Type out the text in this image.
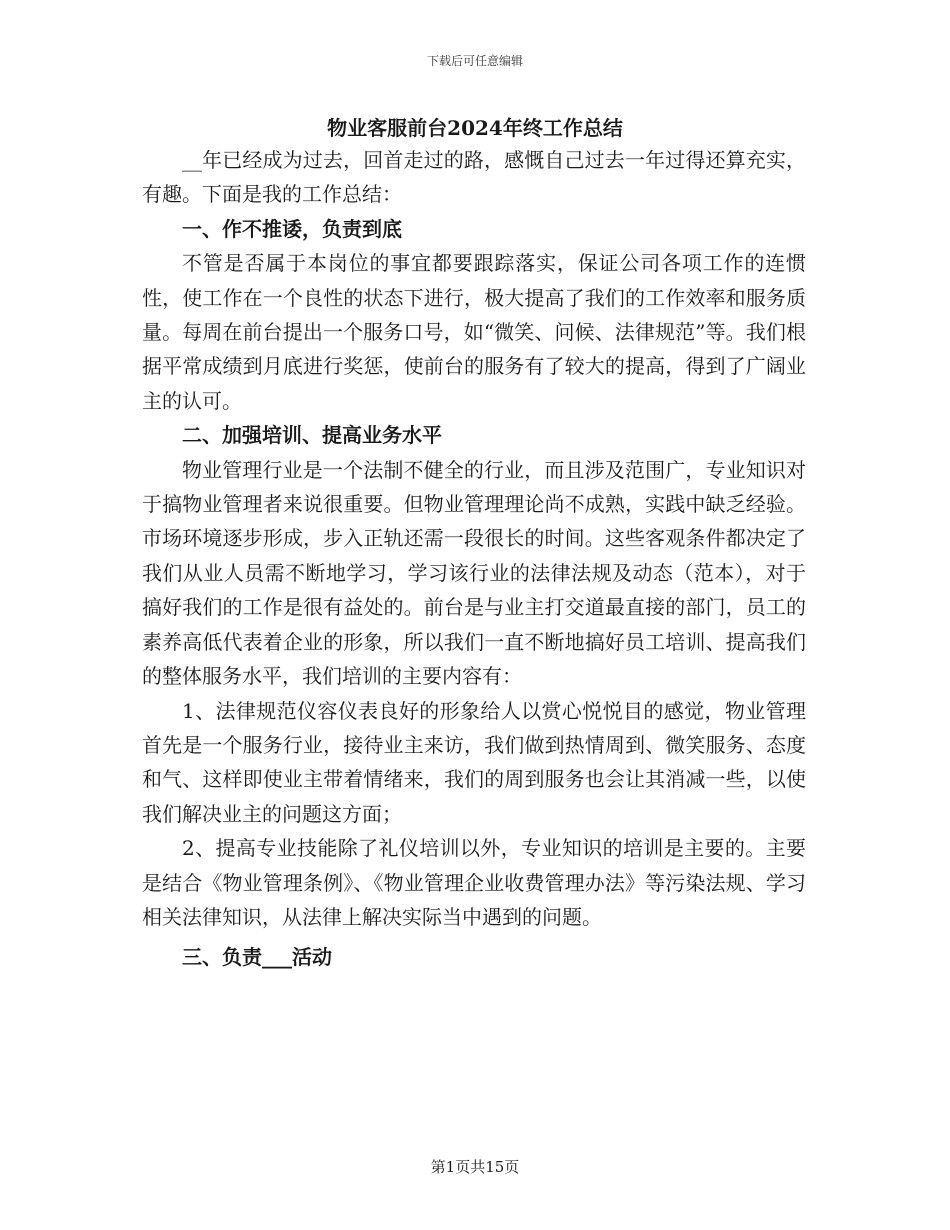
下载后可任意编辑
物业客服前台2024年终工作总结

__年已经成为过去，回首走过的路，感慨自己过去一年过得还算充实，有趣。下面是我的工作总结：

一、作不推诿，负责到底

不管是否属于本岗位的事宜都要跟踪落实，保证公司各项工作的连惯性，使工作在一个良性的状态下进行，极大提高了我们的工作效率和服务质量。每周在前台提出一个服务口号，如“微笑、问候、法律规范”等。我们根据平常成绩到月底进行奖惩，使前台的服务有了较大的提高，得到了广阔业主的认可。

二、加强培训、提高业务水平

物业管理行业是一个法制不健全的行业，而且涉及范围广，专业知识对于搞物业管理者来说很重要。但物业管理理论尚不成熟，实践中缺乏经验。市场环境逐步形成，步入正轨还需一段很长的时间。这些客观条件都决定了我们从业人员需不断地学习，学习该行业的法律法规及动态（范本），对于搞好我们的工作是很有益处的。前台是与业主打交道最直接的部门，员工的素养高低代表着企业的形象，所以我们一直不断地搞好员工培训、提高我们的整体服务水平，我们培训的主要内容有：

1、法律规范仪容仪表良好的形象给人以赏心悦悦目的感觉，物业管理首先是一个服务行业，接待业主来访，我们做到热情周到、微笑服务、态度和气、这样即使业主带着情绪来，我们的周到服务也会让其消减一些，以使我们解决业主的问题这方面；

2、提高专业技能除了礼仪培训以外，专业知识的培训是主要的。主要是结合《物业管理条例》、《物业管理企业收费管理办法》等污染法规、学习相关法律知识，从法律上解决实际当中遇到的问题。

三、负责___活动

第1页共15页
